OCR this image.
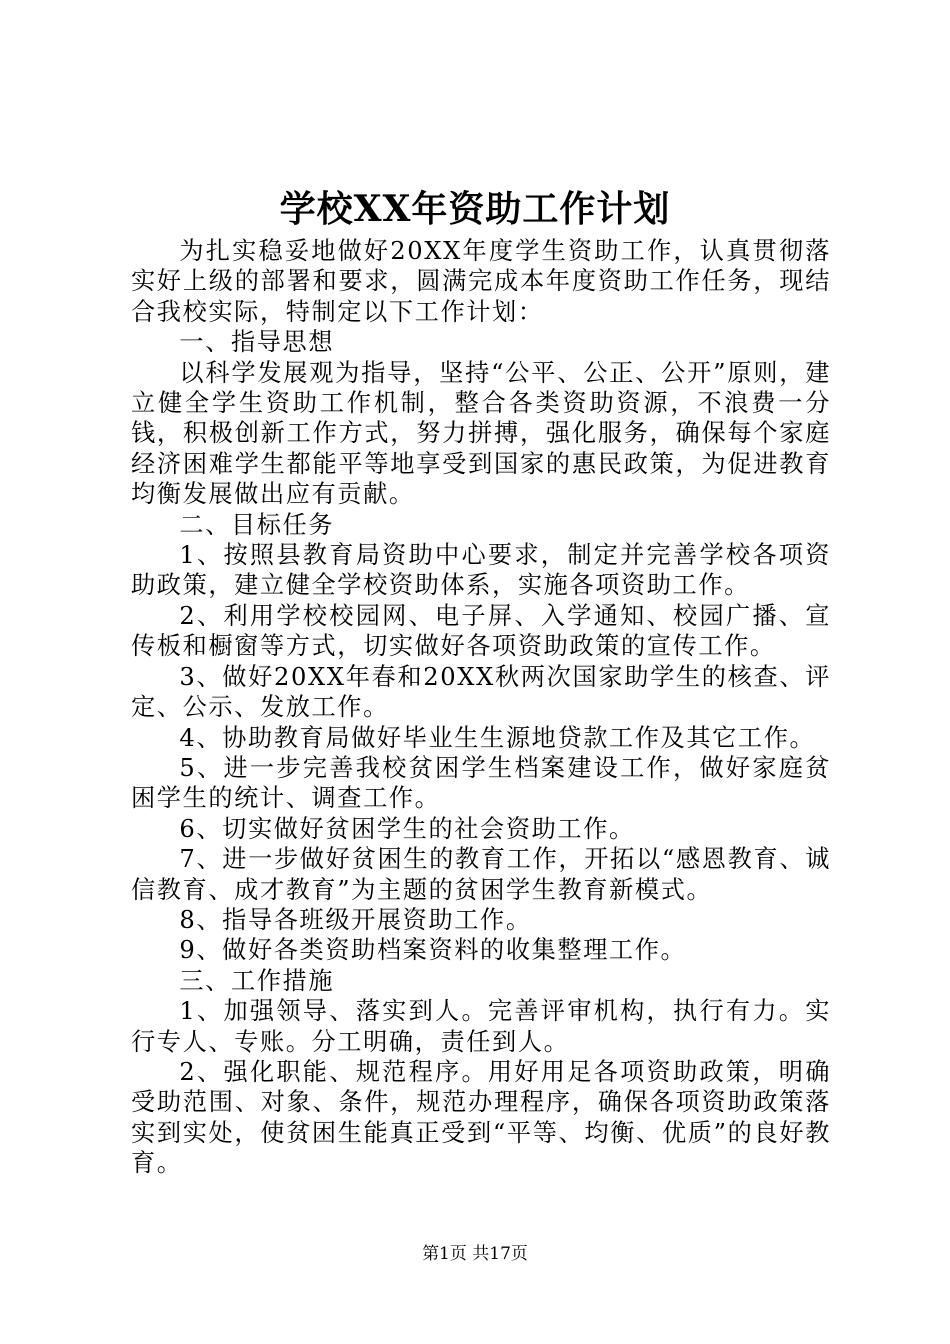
学校XX年资助工作计划

为扎实稳妥地做好20XX年度学生资助工作，认真贯彻落实好上级的部署和要求，圆满完成本年度资助工作任务，现结合我校实际，特制定以下工作计划：

一、指导思想

以科学发展观为指导，坚持“公平、公正、公开”原则，建立健全学生资助工作机制，整合各类资助资源，不浪费一分钱，积极创新工作方式，努力拼搏，强化服务，确保每个家庭经济困难学生都能平等地享受到国家的惠民政策，为促进教育均衡发展做出应有贡献。

二、目标任务

1、按照县教育局资助中心要求，制定并完善学校各项资助政策，建立健全学校资助体系，实施各项资助工作。

2、利用学校校园网、电子屏、入学通知、校园广播、宣传板和橱窗等方式，切实做好各项资助政策的宣传工作。

3、做好20XX年春和20XX秋两次国家助学生的核查、评定、公示、发放工作。

4、协助教育局做好毕业生生源地贷款工作及其它工作。

5、进一步完善我校贫困学生档案建设工作，做好家庭贫困学生的统计、调查工作。

6、切实做好贫困学生的社会资助工作。

7、进一步做好贫困生的教育工作，开拓以“感恩教育、诚信教育、成才教育”为主题的贫困学生教育新模式。

8、指导各班级开展资助工作。

9、做好各类资助档案资料的收集整理工作。

三、工作措施

1、加强领导、落实到人。完善评审机构，执行有力。实行专人、专账。分工明确，责任到人。

2、强化职能、规范程序。用好用足各项资助政策，明确受助范围、对象、条件，规范办理程序，确保各项资助政策落实到实处，使贫困生能真正受到“平等、均衡、优质”的良好教育。

第1页 共17页
